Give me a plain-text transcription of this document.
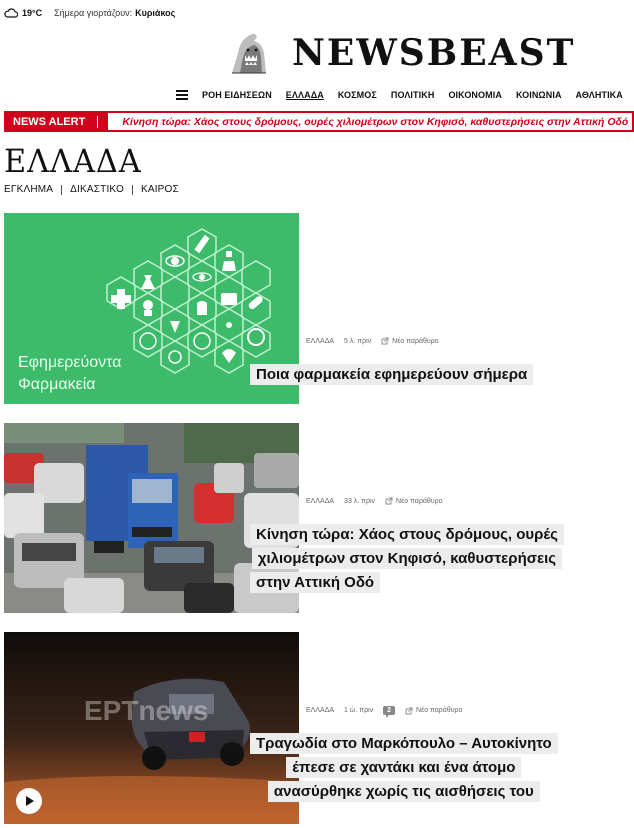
19°C Σήμερα γιορτάζουν: Κυριάκος
NEWSBEAST
ΡΟΗ ΕΙΔΗΣΕΩΝ ΕΛΛΑΔΑ ΚΟΣΜΟΣ ΠΟΛΙΤΙΚΗ ΟΙΚΟΝΟΜΙΑ ΚΟΙΝΩΝΙΑ ΑΘΛΗΤΙΚΑ
NEWS ALERT	Κίνηση τώρα: Χάος στους δρόμους, ουρές χιλιομέτρων στον Κηφισό, καθυστερήσεις στην Αττική Οδό
ΕΛΛΑΔΑ
ΕΓΚΛΗΜΑ ΔΙΚΑΣΤΙΚΟ ΚΑΙΡΟΣ
Εφημερεύοντα
Φαρμακεία
ΕΛΛΑΔΑ 5 λ. πριν	Νέο παράθυρο
Ποια φαρμακεία εφημερεύουν σήμερα
ΕΛΛΑΔΑ 33 λ. πριν	Νέο παράθυρο
Κίνηση τώρα: Χάος στους δρόμους, ουρές
χιλιομέτρων στον Κηφισό, καθυστερήσεις
στην Αττική Οδό
ΕΡΤnews	ΕΛΛΑΔΑ 1 ώ. πριν	2	Νέο παράθυρο
Τραγωδία στο Μαρκόπουλο – Αυτοκίνητο
έπεσε σε χαντάκι και ένα άτομο
ανασύρθηκε χωρίς τις αισθήσεις του
